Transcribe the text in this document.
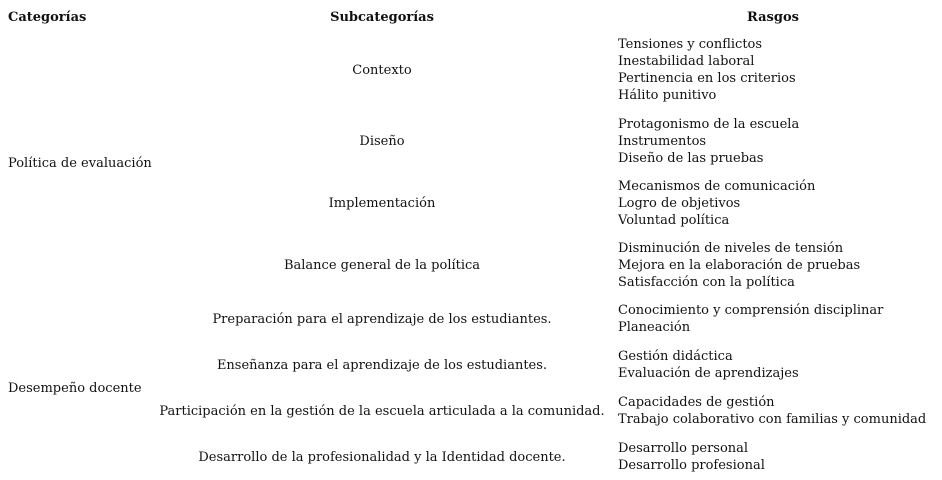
Categorías	Subcategorías	Rasgos
Política de evaluación	Contexto	Tensiones y conflictos
Inestabilidad laboral
Pertinencia en los criterios
Hálito punitivo

	Diseño	Protagonismo de la escuela
Instrumentos
Diseño de las pruebas

	Implementación	Mecanismos de comunicación
Logro de objetivos
Voluntad política

	Balance general de la política	Disminución de niveles de tensión
Mejora en la elaboración de pruebas
Satisfacción con la política

Desempeño docente	Preparación para el aprendizaje de los estudiantes.	Conocimiento y comprensión disciplinar
Planeación

	Enseñanza para el aprendizaje de los estudiantes.	Gestión didáctica
Evaluación de aprendizajes

	Participación en la gestión de la escuela articulada a la comunidad.	Capacidades de gestión
Trabajo colaborativo con familias y comunidad

	Desarrollo de la profesionalidad y la Identidad docente.	Desarrollo personal
Desarrollo profesional
